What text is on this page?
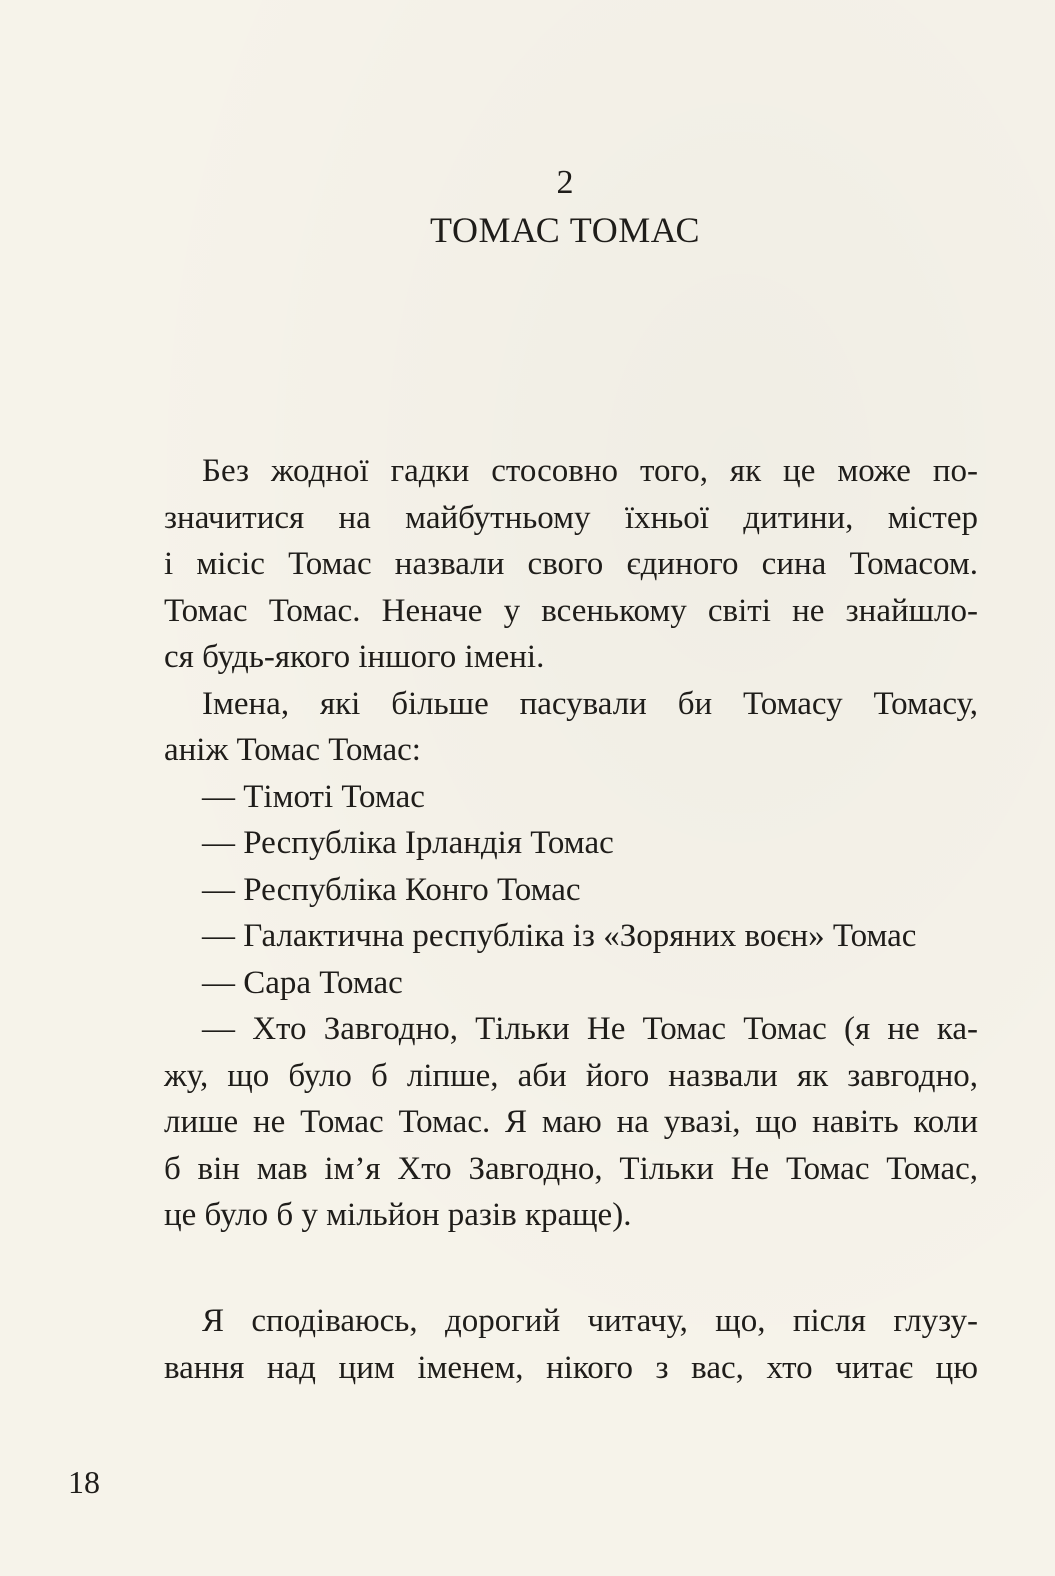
2
ТОМАС ТОМАС
Без жодної гадки стосовно того, як це може по-
значитися на майбутньому їхньої дитини, містер
і місіс Томас назвали свого єдиного сина Томасом.
Томас Томас. Неначе у всенькому світі не знайшло-
ся будь-якого іншого імені.
Імена, які більше пасували би Томасу Томасу,
аніж Томас Томас:
— Тімоті Томас
— Республіка Ірландія Томас
— Республіка Конго Томас
— Галактична республіка із «Зоряних воєн» Томас
— Сара Томас
— Хто Завгодно, Тільки Не Томас Томас (я не ка-
жу, що було б ліпше, аби його назвали як завгодно,
лише не Томас Томас. Я маю на увазі, що навіть коли
б він мав ім’я Хто Завгодно, Тільки Не Томас Томас,
це було б у мільйон разів краще).
Я сподіваюсь, дорогий читачу, що, після глузу-
вання над цим іменем, нікого з вас, хто читає цю
18
